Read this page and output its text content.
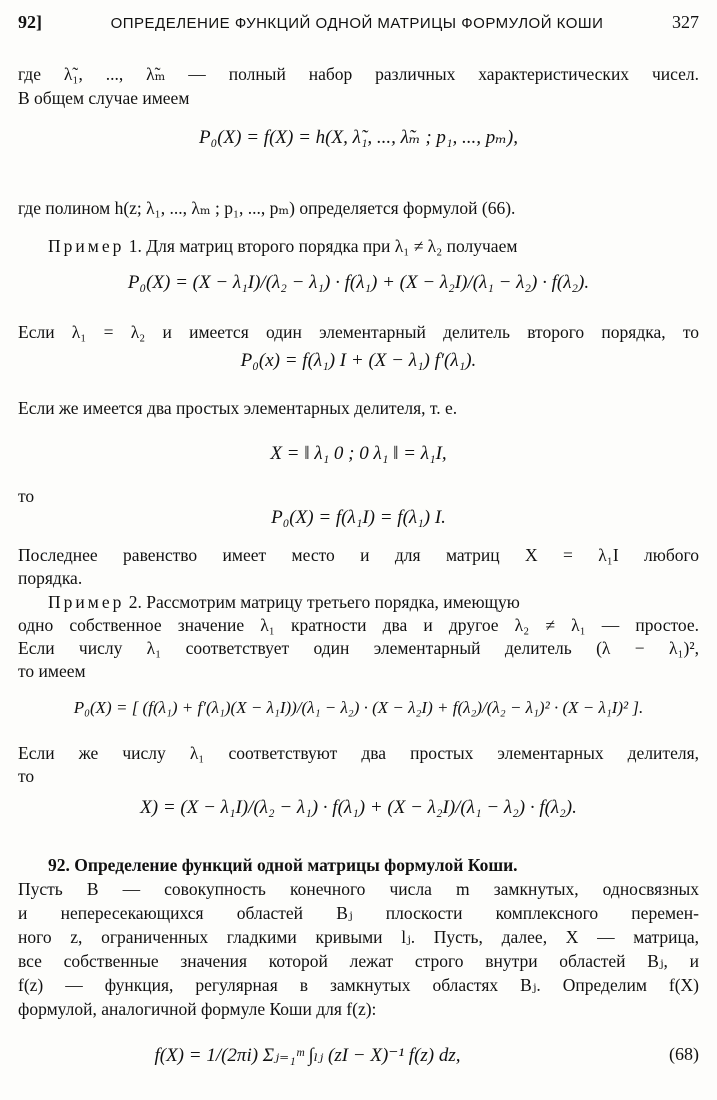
92]	ОПРЕДЕЛЕНИЕ ФУНКЦИЙ ОДНОЙ МАТРИЦЫ ФОРМУЛОЙ КОШИ	327
где λ̃₁, ..., λ̃ₘ — полный набор различных характеристических чисел.
В общем случае имеем
P₀(X) = f(X) = h(X, λ̃₁, ..., λ̃ₘ ; p₁, ..., pₘ),
где полином h(z; λ₁, ..., λₘ ; p₁, ..., pₘ) определяется формулой (66).
Пример 1. Для матриц второго порядка при λ₁ ≠ λ₂ получаем
P₀(X) = (X − λ₁I)/(λ₂ − λ₁) · f(λ₁) + (X − λ₂I)/(λ₁ − λ₂) · f(λ₂).
Если λ₁ = λ₂ и имеется один элементарный делитель второго порядка, то
P₀(x) = f(λ₁) I + (X − λ₁) f′(λ₁).
Если же имеется два простых элементарных делителя, т. е.
X = ‖ λ₁ 0 ; 0 λ₁ ‖ = λ₁I,
то
P₀(X) = f(λ₁I) = f(λ₁) I.
Последнее равенство имеет место и для матриц X = λ₁I любого
порядка.
Пример 2. Рассмотрим матрицу третьего порядка, имеющую
одно собственное значение λ₁ кратности два и другое λ₂ ≠ λ₁ — простое.
Если числу λ₁ соответствует один элементарный делитель (λ − λ₁)²,
то имеем
P₀(X) = [ (f(λ₁) + f′(λ₁)(X − λ₁I))/(λ₁ − λ₂) · (X − λ₂I) + f(λ₂)/(λ₂ − λ₁)² · (X − λ₁I)² ].
Если же числу λ₁ соответствуют два простых элементарных делителя,
то
X) = (X − λ₁I)/(λ₂ − λ₁) · f(λ₁) + (X − λ₂I)/(λ₁ − λ₂) · f(λ₂).
92. Определение функций одной матрицы формулой Коши.
Пусть B — совокупность конечного числа m замкнутых, односвязных
и непересекающихся областей Bⱼ плоскости комплексного перемен-
ного z, ограниченных гладкими кривыми lⱼ. Пусть, далее, X — матрица,
все собственные значения которой лежат строго внутри областей Bⱼ, и
f(z) — функция, регулярная в замкнутых областях Bⱼ. Определим f(X)
формулой, аналогичной формуле Коши для f(z):
f(X) = 1/(2πi) Σⱼ₌₁ᵐ ∫ₗⱼ (zI − X)⁻¹ f(z) dz,	(68)
